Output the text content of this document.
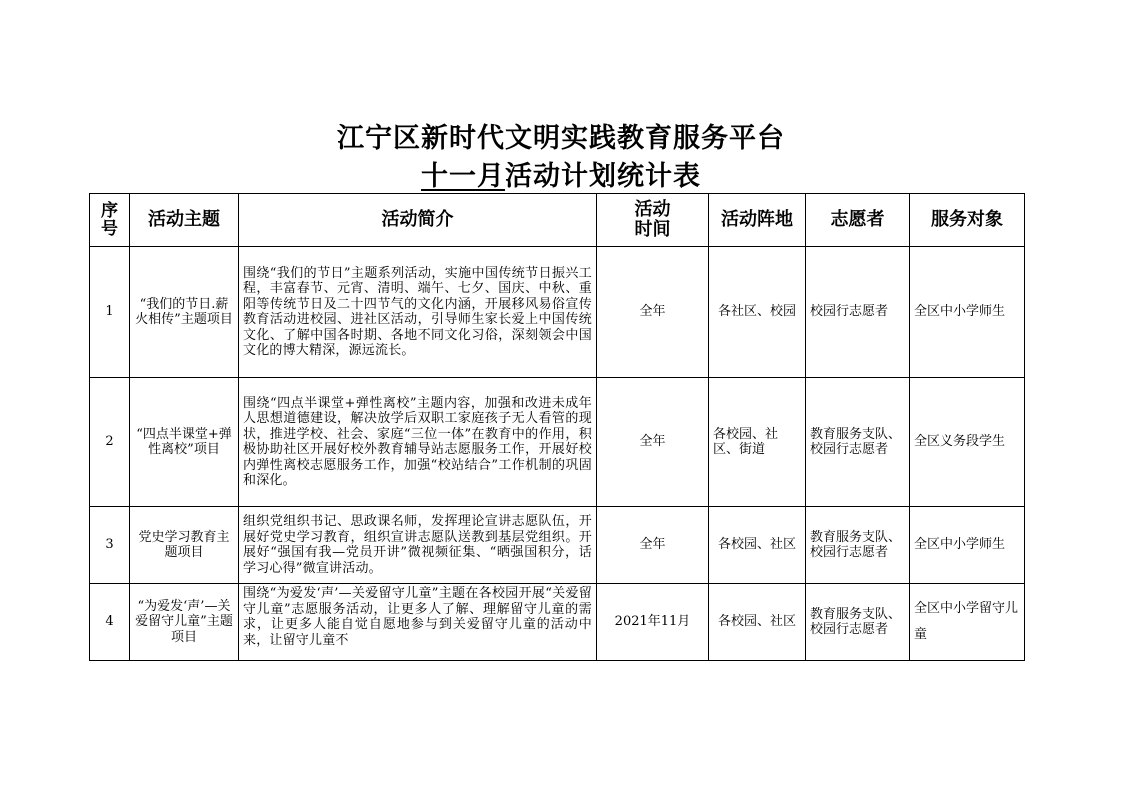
江宁区新时代文明实践教育服务平台
十一月活动计划统计表
序号	活动主题	活动简介	活动时间	活动阵地	志愿者	服务对象
1	“我们的节日.薪火相传”主题项目	围绕“我们的节日”主题系列活动，实施中国传统节日振兴工程，丰富春节、元宵、清明、端午、七夕、国庆、中秋、重阳等传统节日及二十四节气的文化内涵，开展移风易俗宣传教育活动进校园、进社区活动，引导师生家长爱上中国传统文化、了解中国各时期、各地不同文化习俗，深刻领会中国文化的博大精深，源远流长。	全年	各社区、校园	校园行志愿者	全区中小学师生
2	“四点半课堂+弹性离校”项目	围绕“四点半课堂+弹性离校”主题内容，加强和改进未成年人思想道德建设，解决放学后双职工家庭孩子无人看管的现状，推进学校、社会、家庭“三位一体”在教育中的作用，积极协助社区开展好校外教育辅导站志愿服务工作，开展好校内弹性离校志愿服务工作，加强“校站结合”工作机制的巩固和深化。	全年	各校园、社区、街道	教育服务支队、校园行志愿者	全区义务段学生
3	党史学习教育主题项目	组织党组织书记、思政课名师，发挥理论宣讲志愿队伍，开展好党史学习教育，组织宣讲志愿队送教到基层党组织。开展好“强国有我—党员开讲”微视频征集、“晒强国积分，话学习心得”微宣讲活动。	全年	各校园、社区	教育服务支队、校园行志愿者	全区中小学师生
4	“为爱发‘声’—关爱留守儿童”主题项目	围绕“为爱发‘声’—关爱留守儿童”主题在各校园开展“关爱留守儿童”志愿服务活动，让更多人了解、理解留守儿童的需求，让更多人能自觉自愿地参与到关爱留守儿童的活动中来，让留守儿童不	2021年11月	各校园、社区	教育服务支队、校园行志愿者	全区中小学留守儿童
